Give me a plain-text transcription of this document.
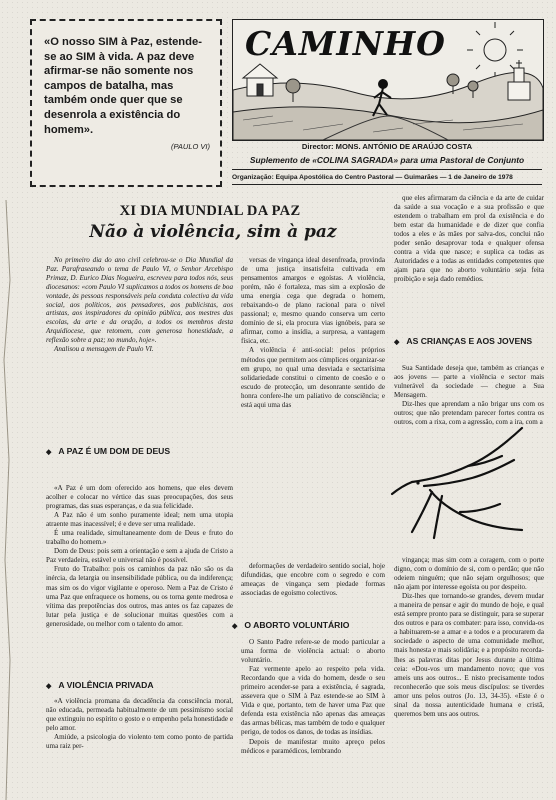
«O nosso SIM à Paz, estende-se ao SIM à vida. A paz deve afirmar-se não somente nos campos de batalha, mas também onde quer que se desenrola a existência do homem».

(PAULO VI)
CAMINHO
Director: MONS. ANTÓNIO DE ARAÚJO COSTA
Suplemento de «COLINA SAGRADA» para uma Pastoral de Conjunto
Organização: Equipa Apostólica do Centro Pastoral — Guimarães — 1 de Janeiro de 1978
XI DIA MUNDIAL DA PAZ
Não à violência, sim à paz

No primeiro dia do ano civil celebrou-se o Dia Mundial da Paz. Parafraseando o tema de Paulo VI, o Senhor Arcebispo Primaz, D. Eurico Dias Nogueira, escreveu para todos nós, seus diocesanos: «com Paulo VI suplicamos a todos os homens de boa vontade, às pessoas responsáveis pela conduta colectiva da vida social, aos políticos, aos pensadores, aos publicistas, aos artistas, aos inspiradores da opinião pública, aos mestres das escolas, da arte e da oração, a todos os membros desta Arquidiocese, que retomem, com generosa honestidade, a reflexão sobre a paz; no mundo, hoje».

Analisou a mensagem de Paulo VI.

◆ A PAZ É UM DOM DE DEUS

«A Paz é um dom oferecido aos homens, que eles devem acolher e colocar no vértice das suas preocupações, dos seus programas, das suas esperanças, e da sua felicidade.

A Paz não é um sonho puramente ideal; nem uma utopia atraente mas inacessível; é e deve ser uma realidade.

É uma realidade, simultaneamente dom de Deus e fruto do trabalho do homem.»

Dom de Deus: pois sem a orientação e sem a ajuda de Cristo a Paz verdadeira, estável e universal não é possível.

Fruto do Trabalho: pois os caminhos da paz não são os da inércia, da letargia ou insensibilidade pública, ou da indiferença; mas sim os do vigor vigilante e operoso. Nem a Paz de Cristo é uma Paz que enfraquece os homens, ou os torna gente medrosa e vítima das prepotências dos outros, mas antes os faz capazes de lutar pela justiça e de solucionar muitas questões com a generosidade, ou melhor com o talento do amor.

◆ A VIOLÊNCIA PRIVADA

«A violência promana da decadência da consciência moral, não educada, permeada habitualmente de um pessimismo social que extinguiu no espírito o gosto e o empenho pela honestidade e pelo amor.

Amiúde, a psicologia do violento tem como ponto de partida uma raiz per-

versas de vingança ideal desenfreada, provinda de uma justiça insatisfeita cultivada em pensamentos amargos e egoístas. A violência, porém, não é fortaleza, mas sim a explosão de uma energia cega que degrada o homem, rebaixando-o de plano racional para o nível passional; e, mesmo quando conserva um certo domínio de si, ela procura vias ignóbeis, para se afirmar, como a insídia, a surpresa, a vantagem física, etc.

A violência é anti-social: pelos próprios métodos que permitem aos cúmplices organizar-se em grupo, no qual uma desviada e sectarísima solidariedade constitui o cimento de coesão e o escudo de protecção, um desonrante sentido de honra confere-lhe um paliativo de consciência; e está aqui uma das

deformações de verdadeiro sentido social, hoje difundidas, que encobre com o segredo e com ameaças de vingança sem piedade formas associadas de egoísmo colectivos.

◆ O ABORTO VOLUNTÁRIO

O Santo Padre refere-se de modo particular a uma forma de violência actual: o aborto voluntário.

Faz vermente apelo ao respeito pela vida. Recordando que a vida do homem, desde o seu primeiro acender-se para a existência, é sagrada, assevera que o SIM à Paz estende-se ao SIM à Vida e que, portanto, tem de haver uma Paz que defenda esta existência não apenas das ameaças das armas bélicas, mas também de todo e qualquer perigo, de todos os danos, de todas as insídias.

Depois de manifestar muito apreço pelos médicos e paramédicos, lembrando

que eles afirmaram da ciência e da arte de cuidar da saúde a sua vocação e a sua profissão e que estendem o trabalham em prol da existência e do bem estar da humanidade e de dizer que confia todos a eles e às mães por salva-dos, conclui não poder senão desaprovar toda e qualquer ofensa contra a vida que nasce; e suplica ca todas as Autoridades e a todas as entidades competentes que ajam para que no aborto voluntário seja feita proibição e seja dado remédios.

◆ AS CRIANÇAS E AOS JOVENS

Sua Santidade deseja que, também as crianças e aos jovens — parte a violência e sector mais vulnerável da sociedade — chegue a Sua Mensagem.

Diz-lhes que aprendam a não brigar uns com os outros; que não pretendam parecer fortes contra os outros, com a rixa, com a agressão, com a ira, com a

vingança; mas sim com a coragem, com o porte digno, com o domínio de si, com o perdão; que não odeiem ninguém; que não sejam orgulhosos; que não ajam por interesse egoísta ou por despeito.

Diz-lhes que tornando-se grandes, devem mudar a maneira de pensar e agir do mundo de hoje, e qual está sempre pronto para se distinguir, para se superar dos outros e para os combater: para isso, convida-os a habituarem-se a amar e a todos e a procurarem da sociedade o aspecto de uma comunidade melhor, mais honesta e mais solidária; e a propósito recorda-lhes as palavras ditas por Jesus durante a última ceia: «Dou-vos um mandamento novo; que vos ameis uns aos outros... E nisto precisamente todos reconhecerão que sois meus discípulos: se tiverdes amor uns pelos outros (Jo. 13, 34-35). «Este é o sinal da nossa autenticidade humana e cristã, queremos bem uns aos outros.
